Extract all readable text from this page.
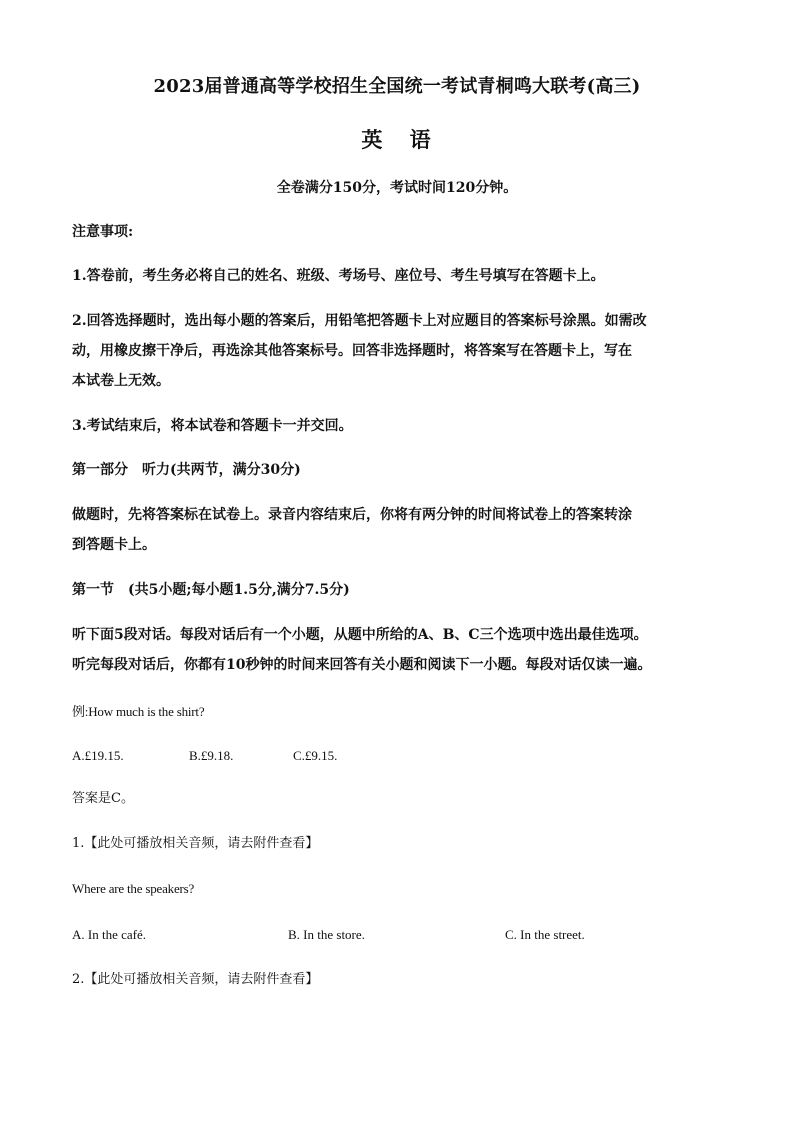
2023届普通高等学校招生全国统一考试青桐鸣大联考(高三)
英 语
全卷满分150分，考试时间120分钟。
注意事项:
1.答卷前，考生务必将自己的姓名、班级、考场号、座位号、考生号填写在答题卡上。
2.回答选择题时，选出每小题的答案后，用铅笔把答题卡上对应题目的答案标号涂黑。如需改
动，用橡皮擦干净后，再选涂其他答案标号。回答非选择题时，将答案写在答题卡上，写在
本试卷上无效。
3.考试结束后，将本试卷和答题卡一并交回。
第一部分　听力(共两节，满分30分)
做题时，先将答案标在试卷上。录音内容结束后，你将有两分钟的时间将试卷上的答案转涂
到答题卡上。
第一节　(共5小题;每小题1.5分,满分7.5分)
听下面5段对话。每段对话后有一个小题，从题中所给的A、B、C三个选项中选出最佳选项。
听完每段对话后，你都有10秒钟的时间来回答有关小题和阅读下一小题。每段对话仅读一遍。
例:How much is the shirt?
A.£19.15.	B.£9.18.	C.£9.15.
答案是C。
1.【此处可播放相关音频，请去附件查看】
Where are the speakers?
A. In the café.	B. In the store.	C. In the street.
2.【此处可播放相关音频，请去附件查看】
